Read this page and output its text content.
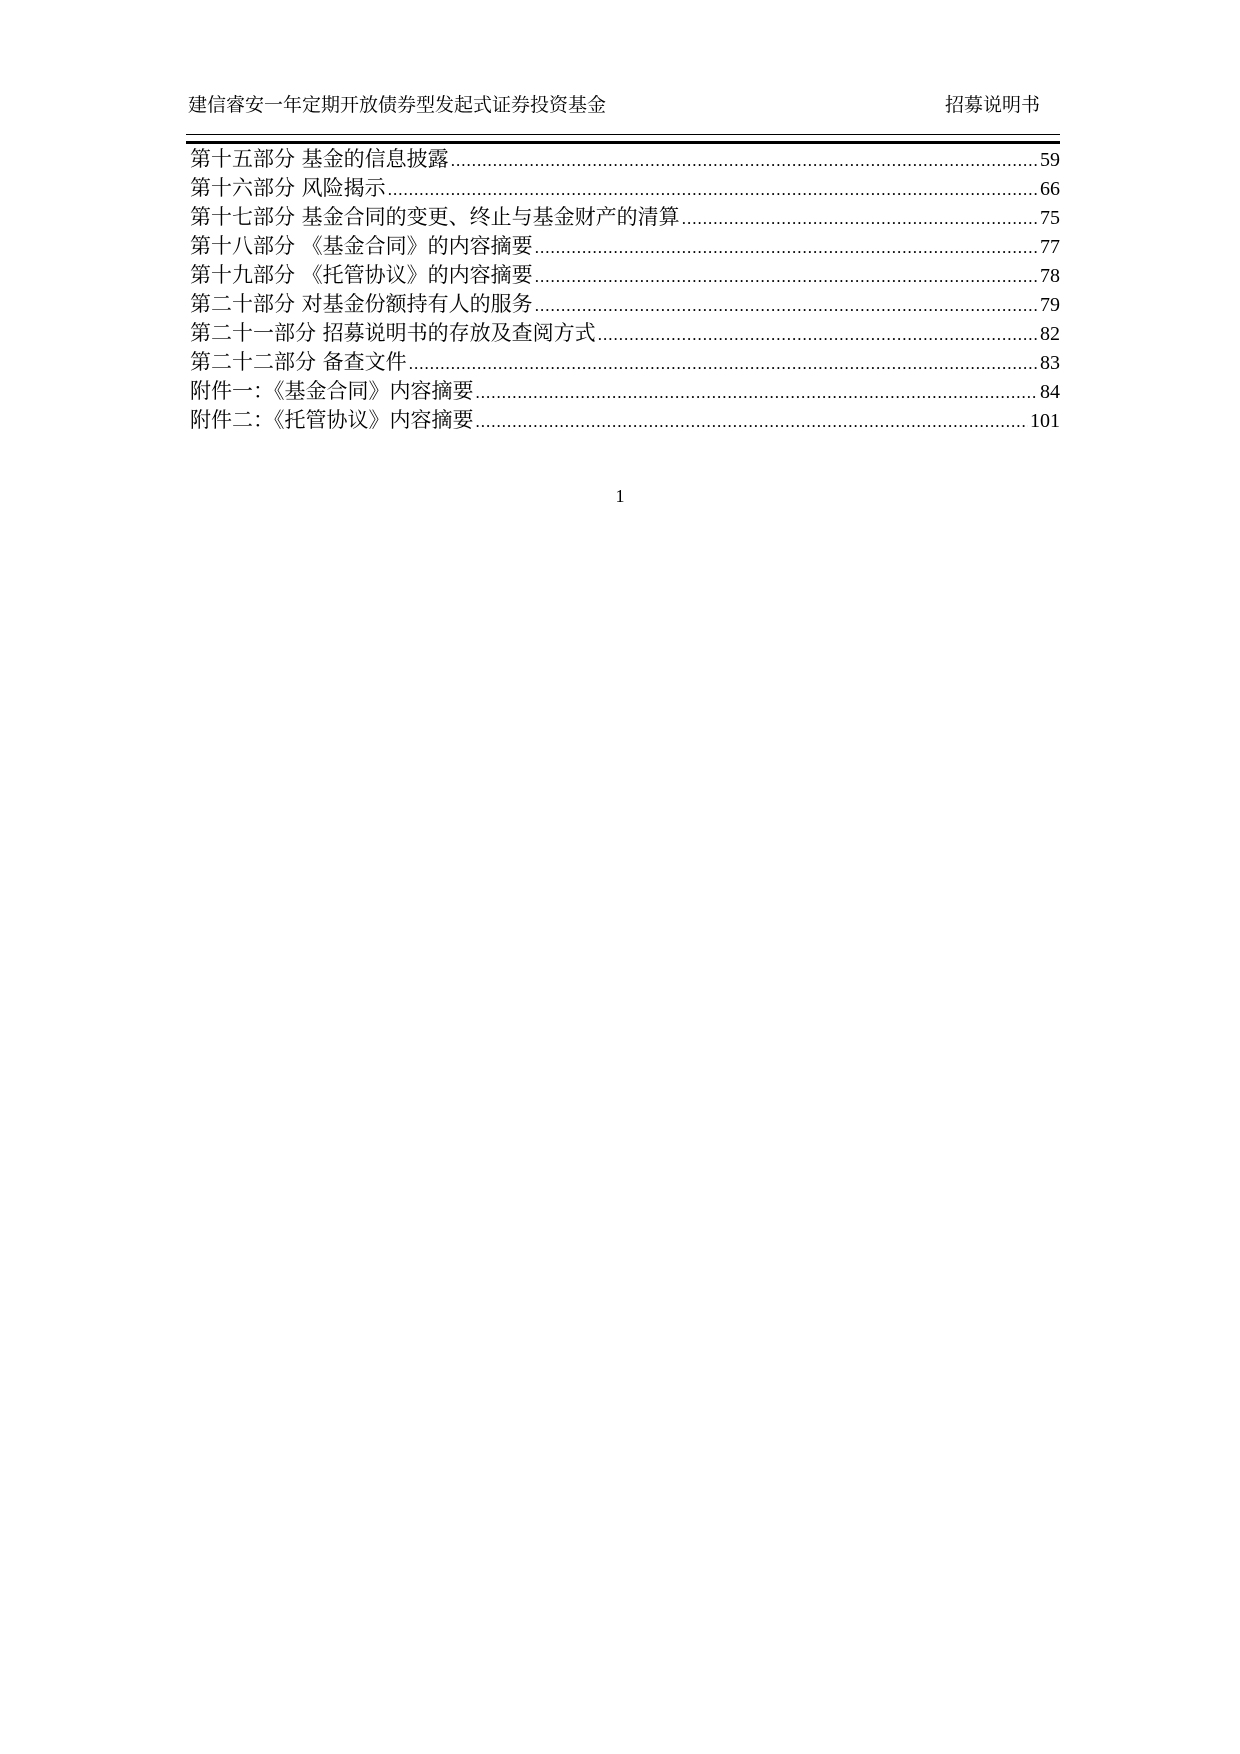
建信睿安一年定期开放债券型发起式证券投资基金	招募说明书
第十五部分 基金的信息披露 .....	59
第十六部分 风险揭示 .....	66
第十七部分 基金合同的变更、终止与基金财产的清算 .....	75
第十八部分 《基金合同》的内容摘要 .....	77
第十九部分 《托管协议》的内容摘要 .....	78
第二十部分 对基金份额持有人的服务 .....	79
第二十一部分 招募说明书的存放及查阅方式 .....	82
第二十二部分 备查文件 .....	83
附件一：《基金合同》内容摘要 .....	84
附件二：《托管协议》内容摘要 .....	101
1
